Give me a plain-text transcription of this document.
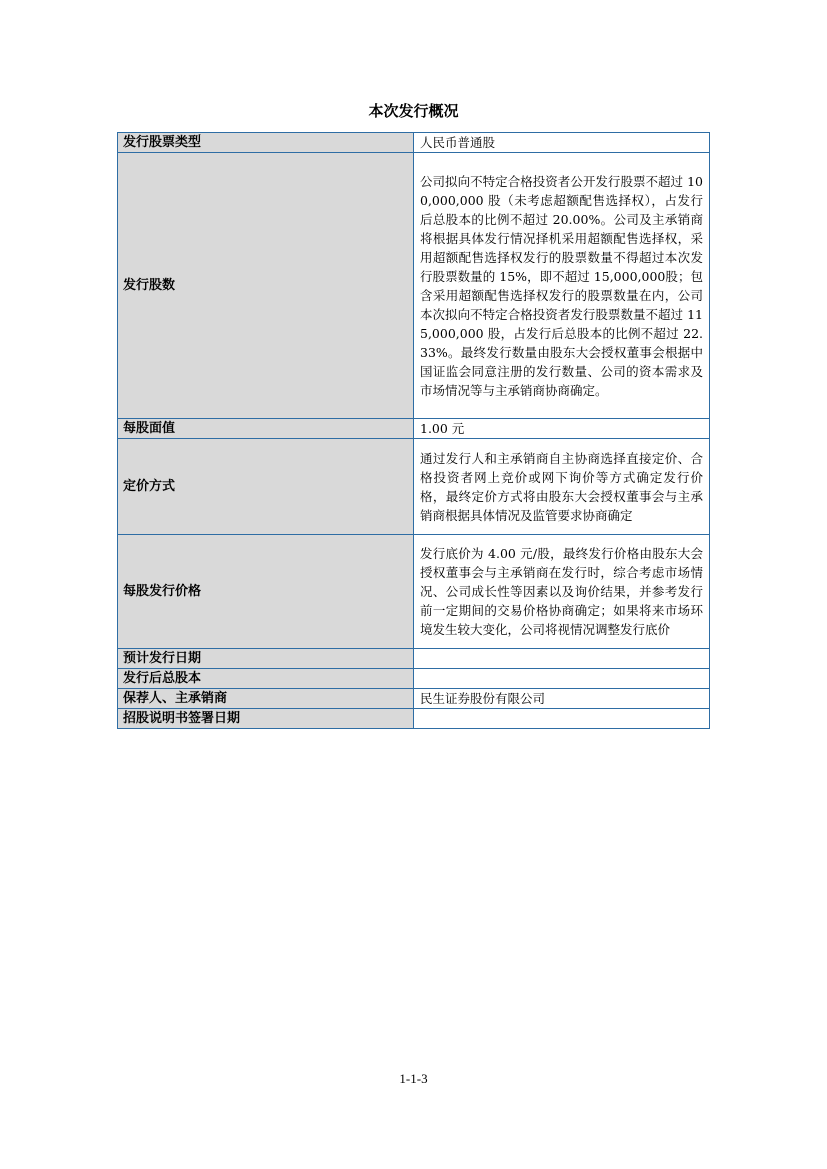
本次发行概况
发行股票类型	人民币普通股
发行股数	公司拟向不特定合格投资者公开发行股票不超过 100,000,000 股（未考虑超额配售选择权），占发行后总股本的比例不超过 20.00%。公司及主承销商将根据具体发行情况择机采用超额配售选择权，采用超额配售选择权发行的股票数量不得超过本次发行股票数量的 15%，即不超过 15,000,000股；包含采用超额配售选择权发行的股票数量在内，公司本次拟向不特定合格投资者发行股票数量不超过 115,000,000 股，占发行后总股本的比例不超过 22.33%。最终发行数量由股东大会授权董事会根据中国证监会同意注册的发行数量、公司的资本需求及市场情况等与主承销商协商确定。
每股面值	1.00 元
定价方式	通过发行人和主承销商自主协商选择直接定价、合格投资者网上竞价或网下询价等方式确定发行价格，最终定价方式将由股东大会授权董事会与主承销商根据具体情况及监管要求协商确定
每股发行价格	发行底价为 4.00 元/股，最终发行价格由股东大会授权董事会与主承销商在发行时，综合考虑市场情况、公司成长性等因素以及询价结果，并参考发行前一定期间的交易价格协商确定；如果将来市场环境发生较大变化，公司将视情况调整发行底价
预计发行日期	
发行后总股本	
保荐人、主承销商	民生证券股份有限公司
招股说明书签署日期	
1-1-3
